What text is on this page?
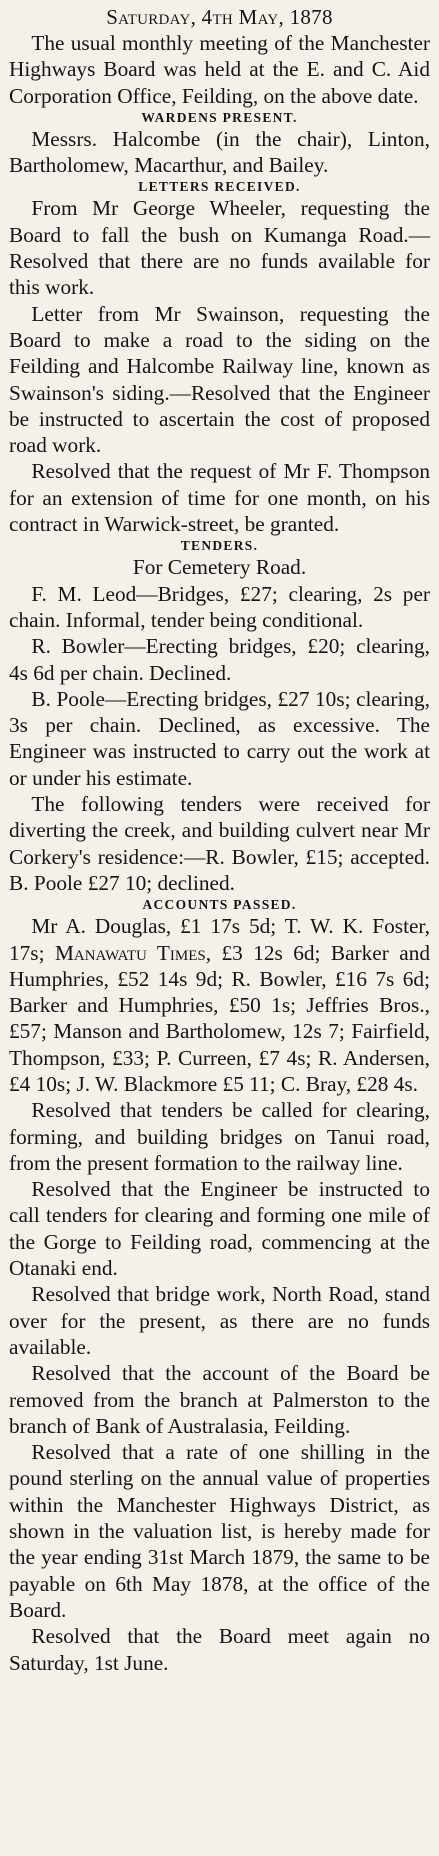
Saturday, 4th May, 1878

The usual monthly meeting of the Manchester Highways Board was held at the E. and C. Aid Corporation Office, Feilding, on the above date.

WARDENS PRESENT.

Messrs. Halcombe (in the chair), Linton, Bartholomew, Macarthur, and Bailey.

LETTERS RECEIVED.

From Mr George Wheeler, requesting the Board to fall the bush on Kumanga Road.—Resolved that there are no funds available for this work.

Letter from Mr Swainson, requesting the Board to make a road to the siding on the Feilding and Halcombe Railway line, known as Swainson's siding.—Resolved that the Engineer be instructed to ascertain the cost of proposed road work.

Resolved that the request of Mr F. Thompson for an extension of time for one month, on his contract in Warwick-street, be granted.

TENDERS.
For Cemetery Road.

F. M. Leod—Bridges, £27; clearing, 2s per chain. Informal, tender being conditional.

R. Bowler—Erecting bridges, £20; clearing, 4s 6d per chain. Declined.

B. Poole—Erecting bridges, £27 10s; clearing, 3s per chain. Declined, as excessive. The Engineer was instructed to carry out the work at or under his estimate.

The following tenders were received for diverting the creek, and building culvert near Mr Corkery's residence:—R. Bowler, £15; accepted. B. Poole £27 10; declined.

ACCOUNTS PASSED.

Mr A. Douglas, £1 17s 5d; T. W. K. Foster, 17s; Manawatu Times, £3 12s 6d; Barker and Humphries, £52 14s 9d; R. Bowler, £16 7s 6d; Barker and Humphries, £50 1s; Jeffries Bros., £57; Manson and Bartholomew, 12s 7; Fairfield, Thompson, £33; P. Curreen, £7 4s; R. Andersen, £4 10s; J. W. Blackmore £5 11; C. Bray, £28 4s.

Resolved that tenders be called for clearing, forming, and building bridges on Tanui road, from the present formation to the railway line.

Resolved that the Engineer be instructed to call tenders for clearing and forming one mile of the Gorge to Feilding road, commencing at the Otanaki end.

Resolved that bridge work, North Road, stand over for the present, as there are no funds available.

Resolved that the account of the Board be removed from the branch at Palmerston to the branch of Bank of Australasia, Feilding.

Resolved that a rate of one shilling in the pound sterling on the annual value of properties within the Manchester Highways District, as shown in the valuation list, is hereby made for the year ending 31st March 1879, the same to be payable on 6th May 1878, at the office of the Board.

Resolved that the Board meet again no Saturday, 1st June.
